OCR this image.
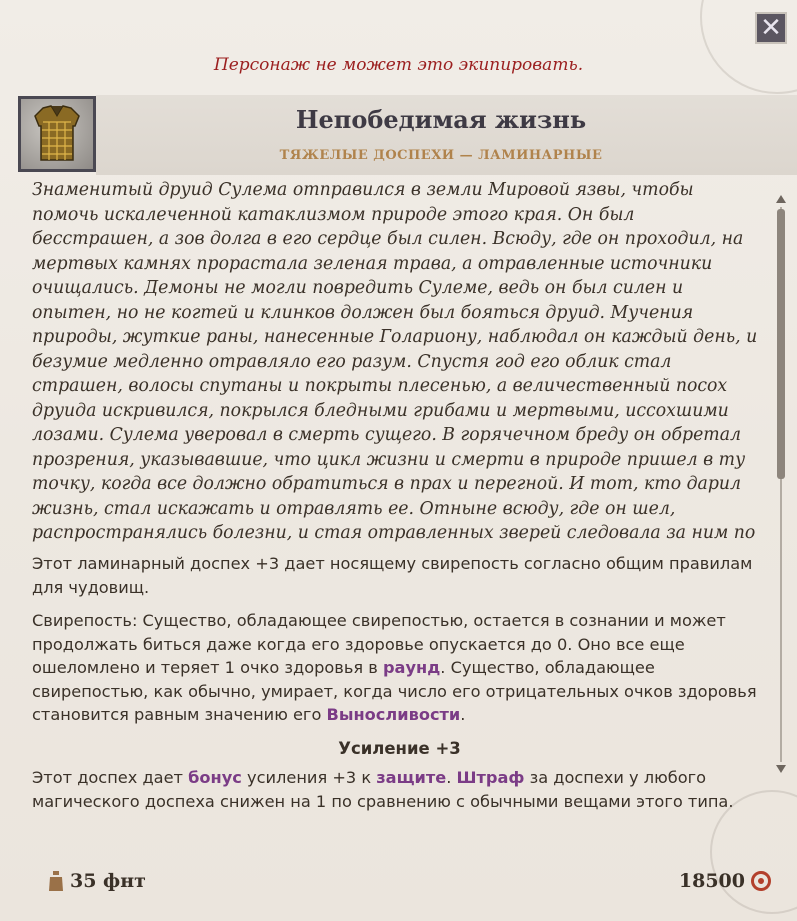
✕
Персонаж не может это экипировать.
Непобедимая жизнь
ТЯЖЕЛЫЕ ДОСПЕХИ — ЛАМИНАРНЫЕ

Знаменитый друид Сулема отправился в земли Мировой язвы, чтобы помочь искалеченной катаклизмом природе этого края. Он был бесстрашен, а зов долга в его сердце был силен. Всюду, где он проходил, на мертвых камнях прорастала зеленая трава, а отравленные источники очищались. Демоны не могли повредить Сулеме, ведь он был силен и опытен, но не когтей и клинков должен был бояться друид. Мучения природы, жуткие раны, нанесенные Голариону, наблюдал он каждый день, и безумие медленно отравляло его разум. Спустя год его облик стал страшен, волосы спутаны и покрыты плесенью, а величественный посох друида искривился, покрылся бледными грибами и мертвыми, иссохшими лозами. Сулема уверовал в смерть сущего. В горячечном бреду он обретал прозрения, указывавшие, что цикл жизни и смерти в природе пришел в ту точку, когда все должно обратиться в прах и перегной. И тот, кто дарил жизнь, стал искажать и отравлять ее. Отныне всюду, где он шел, распространялись болезни, и стая отравленных зверей следовала за ним по

Этот ламинарный доспех +3 дает носящему свирепость согласно общим правилам для чудовищ.

Свирепость: Существо, обладающее свирепостью, остается в сознании и может продолжать биться даже когда его здоровье опускается до 0. Оно все еще ошеломлено и теряет 1 очко здоровья в раунд. Существо, обладающее свирепостью, как обычно, умирает, когда число его отрицательных очков здоровья становится равным значению его Выносливости.

Усиление +3

Этот доспех дает бонус усиления +3 к защите. Штраф за доспехи у любого магического доспеха снижен на 1 по сравнению с обычными вещами этого типа.

35 фнт	18500
